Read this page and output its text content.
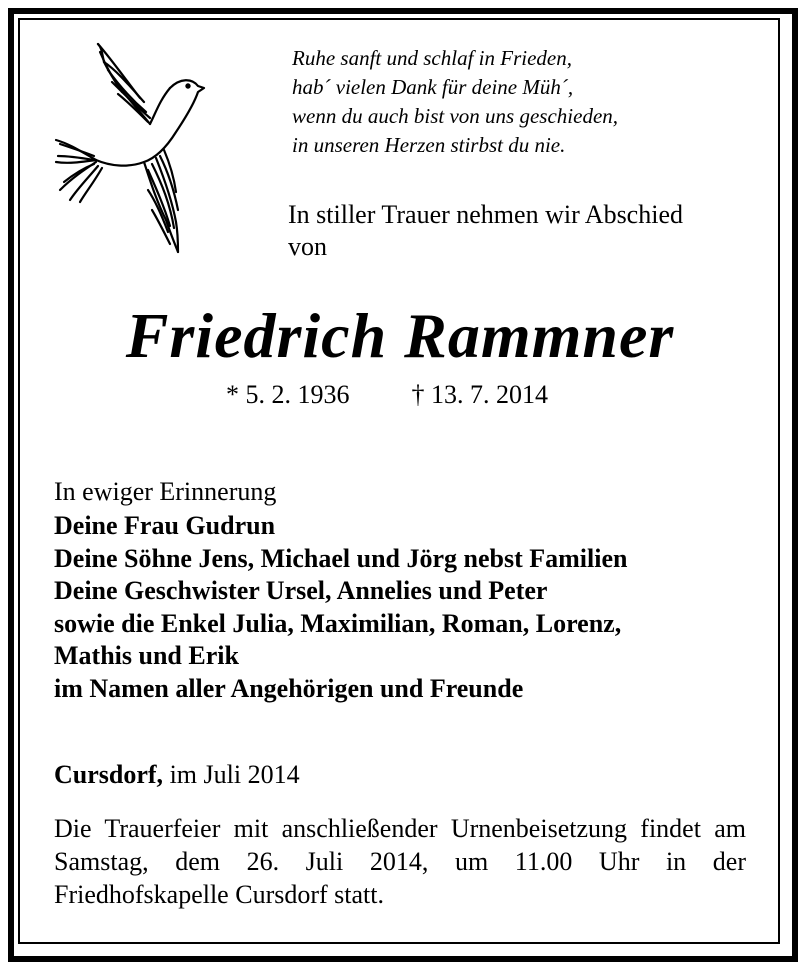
Ruhe sanft und schlaf in Frieden,
hab´ vielen Dank für deine Müh´,
wenn du auch bist von uns geschieden,
in unseren Herzen stirbst du nie.
In stiller Trauer nehmen wir Abschied
von
Friedrich Rammner
* 5. 2. 1936 † 13. 7. 2014
In ewiger Erinnerung
Deine Frau Gudrun
Deine Söhne Jens, Michael und Jörg nebst Familien
Deine Geschwister Ursel, Annelies und Peter
sowie die Enkel Julia, Maximilian, Roman, Lorenz,
Mathis und Erik
im Namen aller Angehörigen und Freunde
Cursdorf, im Juli 2014
Die Trauerfeier mit anschließender Urnenbeisetzung findet am Samstag, dem 26. Juli 2014, um 11.00 Uhr in der Friedhofskapelle Cursdorf statt.
